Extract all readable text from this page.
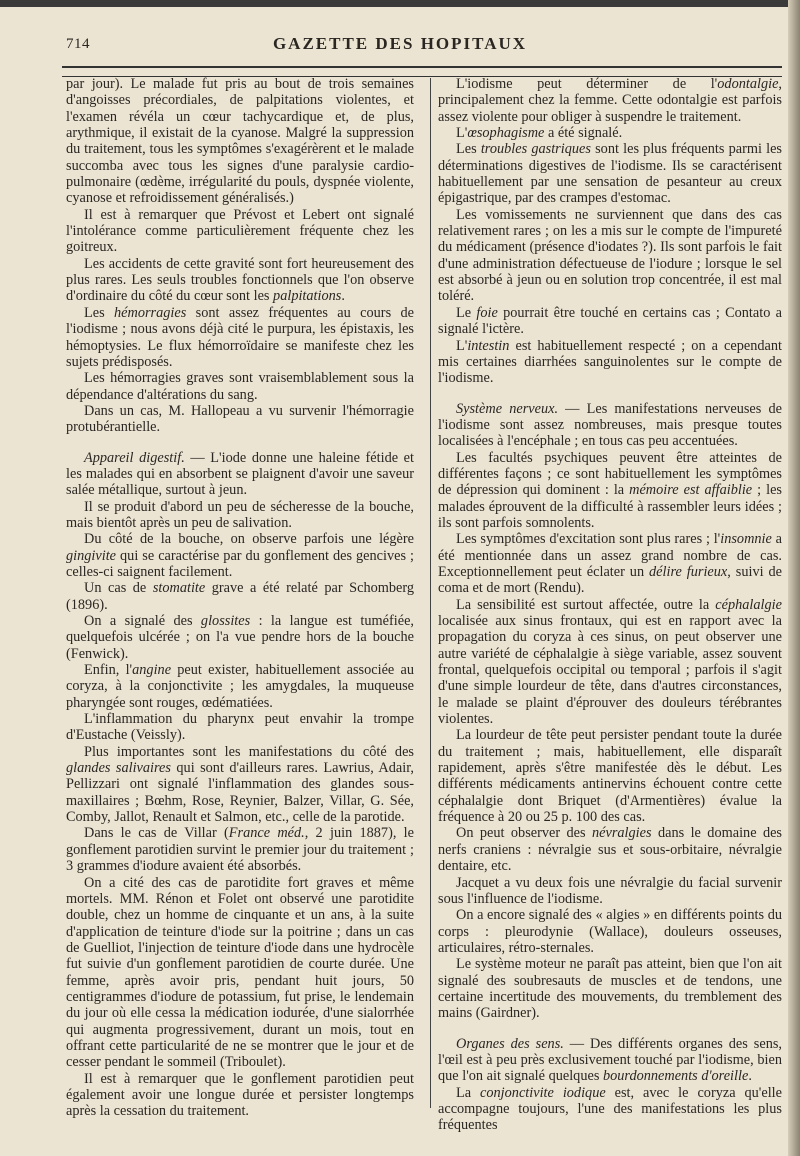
714	GAZETTE DES HOPITAUX

par jour). Le malade fut pris au bout de trois semaines d'angoisses précordiales, de palpitations violentes, et l'examen révéla un cœur tachycardique et, de plus, arythmique, il existait de la cyanose. Malgré la suppression du traitement, tous les symptômes s'exagérèrent et le malade succomba avec tous les signes d'une paralysie cardio-pulmonaire (œdème, irrégularité du pouls, dyspnée violente, cyanose et refroidissement généralisés.)

Il est à remarquer que Prévost et Lebert ont signalé l'intolérance comme particulièrement fréquente chez les goitreux.

Les accidents de cette gravité sont fort heureusement des plus rares. Les seuls troubles fonctionnels que l'on observe d'ordinaire du côté du cœur sont les palpitations.

Les hémorragies sont assez fréquentes au cours de l'iodisme ; nous avons déjà cité le purpura, les épistaxis, les hémoptysies. Le flux hémorroïdaire se manifeste chez les sujets prédisposés.

Les hémorragies graves sont vraisemblablement sous la dépendance d'altérations du sang.

Dans un cas, M. Hallopeau a vu survenir l'hémorragie protubérantielle.

Appareil digestif. — L'iode donne une haleine fétide et les malades qui en absorbent se plaignent d'avoir une saveur salée métallique, surtout à jeun.

Il se produit d'abord un peu de sécheresse de la bouche, mais bientôt après un peu de salivation.

Du côté de la bouche, on observe parfois une légère gingivite qui se caractérise par du gonflement des gencives ; celles-ci saignent facilement.

Un cas de stomatite grave a été relaté par Schomberg (1896).

On a signalé des glossites : la langue est tuméfiée, quelquefois ulcérée ; on l'a vue pendre hors de la bouche (Fenwick).

Enfin, l'angine peut exister, habituellement associée au coryza, à la conjonctivite ; les amygdales, la muqueuse pharyngée sont rouges, œdématiées.

L'inflammation du pharynx peut envahir la trompe d'Eustache (Veissly).

Plus importantes sont les manifestations du côté des glandes salivaires qui sont d'ailleurs rares. Lawrius, Adair, Pellizzari ont signalé l'inflammation des glandes sous-maxillaires ; Bœhm, Rose, Reynier, Balzer, Villar, G. Sée, Comby, Jallot, Renault et Salmon, etc., celle de la parotide.

Dans le cas de Villar (France méd., 2 juin 1887), le gonflement parotidien survint le premier jour du traitement ; 3 grammes d'iodure avaient été absorbés.

On a cité des cas de parotidite fort graves et même mortels. MM. Rénon et Folet ont observé une parotidite double, chez un homme de cinquante et un ans, à la suite d'application de teinture d'iode sur la poitrine ; dans un cas de Guelliot, l'injection de teinture d'iode dans une hydrocèle fut suivie d'un gonflement parotidien de courte durée. Une femme, après avoir pris, pendant huit jours, 50 centigrammes d'iodure de potassium, fut prise, le lendemain du jour où elle cessa la médication iodurée, d'une sialorrhée qui augmenta progressivement, durant un mois, tout en offrant cette particularité de ne se montrer que le jour et de cesser pendant le sommeil (Triboulet).

Il est à remarquer que le gonflement parotidien peut également avoir une longue durée et persister longtemps après la cessation du traitement.

L'iodisme peut déterminer de l'odontalgie, principalement chez la femme. Cette odontalgie est parfois assez violente pour obliger à suspendre le traitement.

L'œsophagisme a été signalé.

Les troubles gastriques sont les plus fréquents parmi les déterminations digestives de l'iodisme. Ils se caractérisent habituellement par une sensation de pesanteur au creux épigastrique, par des crampes d'estomac.

Les vomissements ne surviennent que dans des cas relativement rares ; on les a mis sur le compte de l'impureté du médicament (présence d'iodates ?). Ils sont parfois le fait d'une administration défectueuse de l'iodure ; lorsque le sel est absorbé à jeun ou en solution trop concentrée, il est mal toléré.

Le foie pourrait être touché en certains cas ; Contato a signalé l'ictère.

L'intestin est habituellement respecté ; on a cependant mis certaines diarrhées sanguinolentes sur le compte de l'iodisme.

Système nerveux. — Les manifestations nerveuses de l'iodisme sont assez nombreuses, mais presque toutes localisées à l'encéphale ; en tous cas peu accentuées.

Les facultés psychiques peuvent être atteintes de différentes façons ; ce sont habituellement les symptômes de dépression qui dominent : la mémoire est affaiblie ; les malades éprouvent de la difficulté à rassembler leurs idées ; ils sont parfois somnolents.

Les symptômes d'excitation sont plus rares ; l'insomnie a été mentionnée dans un assez grand nombre de cas. Exceptionnellement peut éclater un délire furieux, suivi de coma et de mort (Rendu).

La sensibilité est surtout affectée, outre la céphalalgie localisée aux sinus frontaux, qui est en rapport avec la propagation du coryza à ces sinus, on peut observer une autre variété de céphalalgie à siège variable, assez souvent frontal, quelquefois occipital ou temporal ; parfois il s'agit d'une simple lourdeur de tête, dans d'autres circonstances, le malade se plaint d'éprouver des douleurs térébrantes violentes.

La lourdeur de tête peut persister pendant toute la durée du traitement ; mais, habituellement, elle disparaît rapidement, après s'être manifestée dès le début. Les différents médicaments antinervins échouent contre cette céphalalgie dont Briquet (d'Armentières) évalue la fréquence à 20 ou 25 p. 100 des cas.

On peut observer des névralgies dans le domaine des nerfs craniens : névralgie sus et sous-orbitaire, névralgie dentaire, etc.

Jacquet a vu deux fois une névralgie du facial survenir sous l'influence de l'iodisme.

On a encore signalé des « algies » en différents points du corps : pleurodynie (Wallace), douleurs osseuses, articulaires, rétro-sternales.

Le système moteur ne paraît pas atteint, bien que l'on ait signalé des soubresauts de muscles et de tendons, une certaine incertitude des mouvements, du tremblement des mains (Gairdner).

Organes des sens. — Des différents organes des sens, l'œil est à peu près exclusivement touché par l'iodisme, bien que l'on ait signalé quelques bourdonnements d'oreille.

La conjonctivite iodique est, avec le coryza qu'elle accompagne toujours, l'une des manifestations les plus fréquentes
